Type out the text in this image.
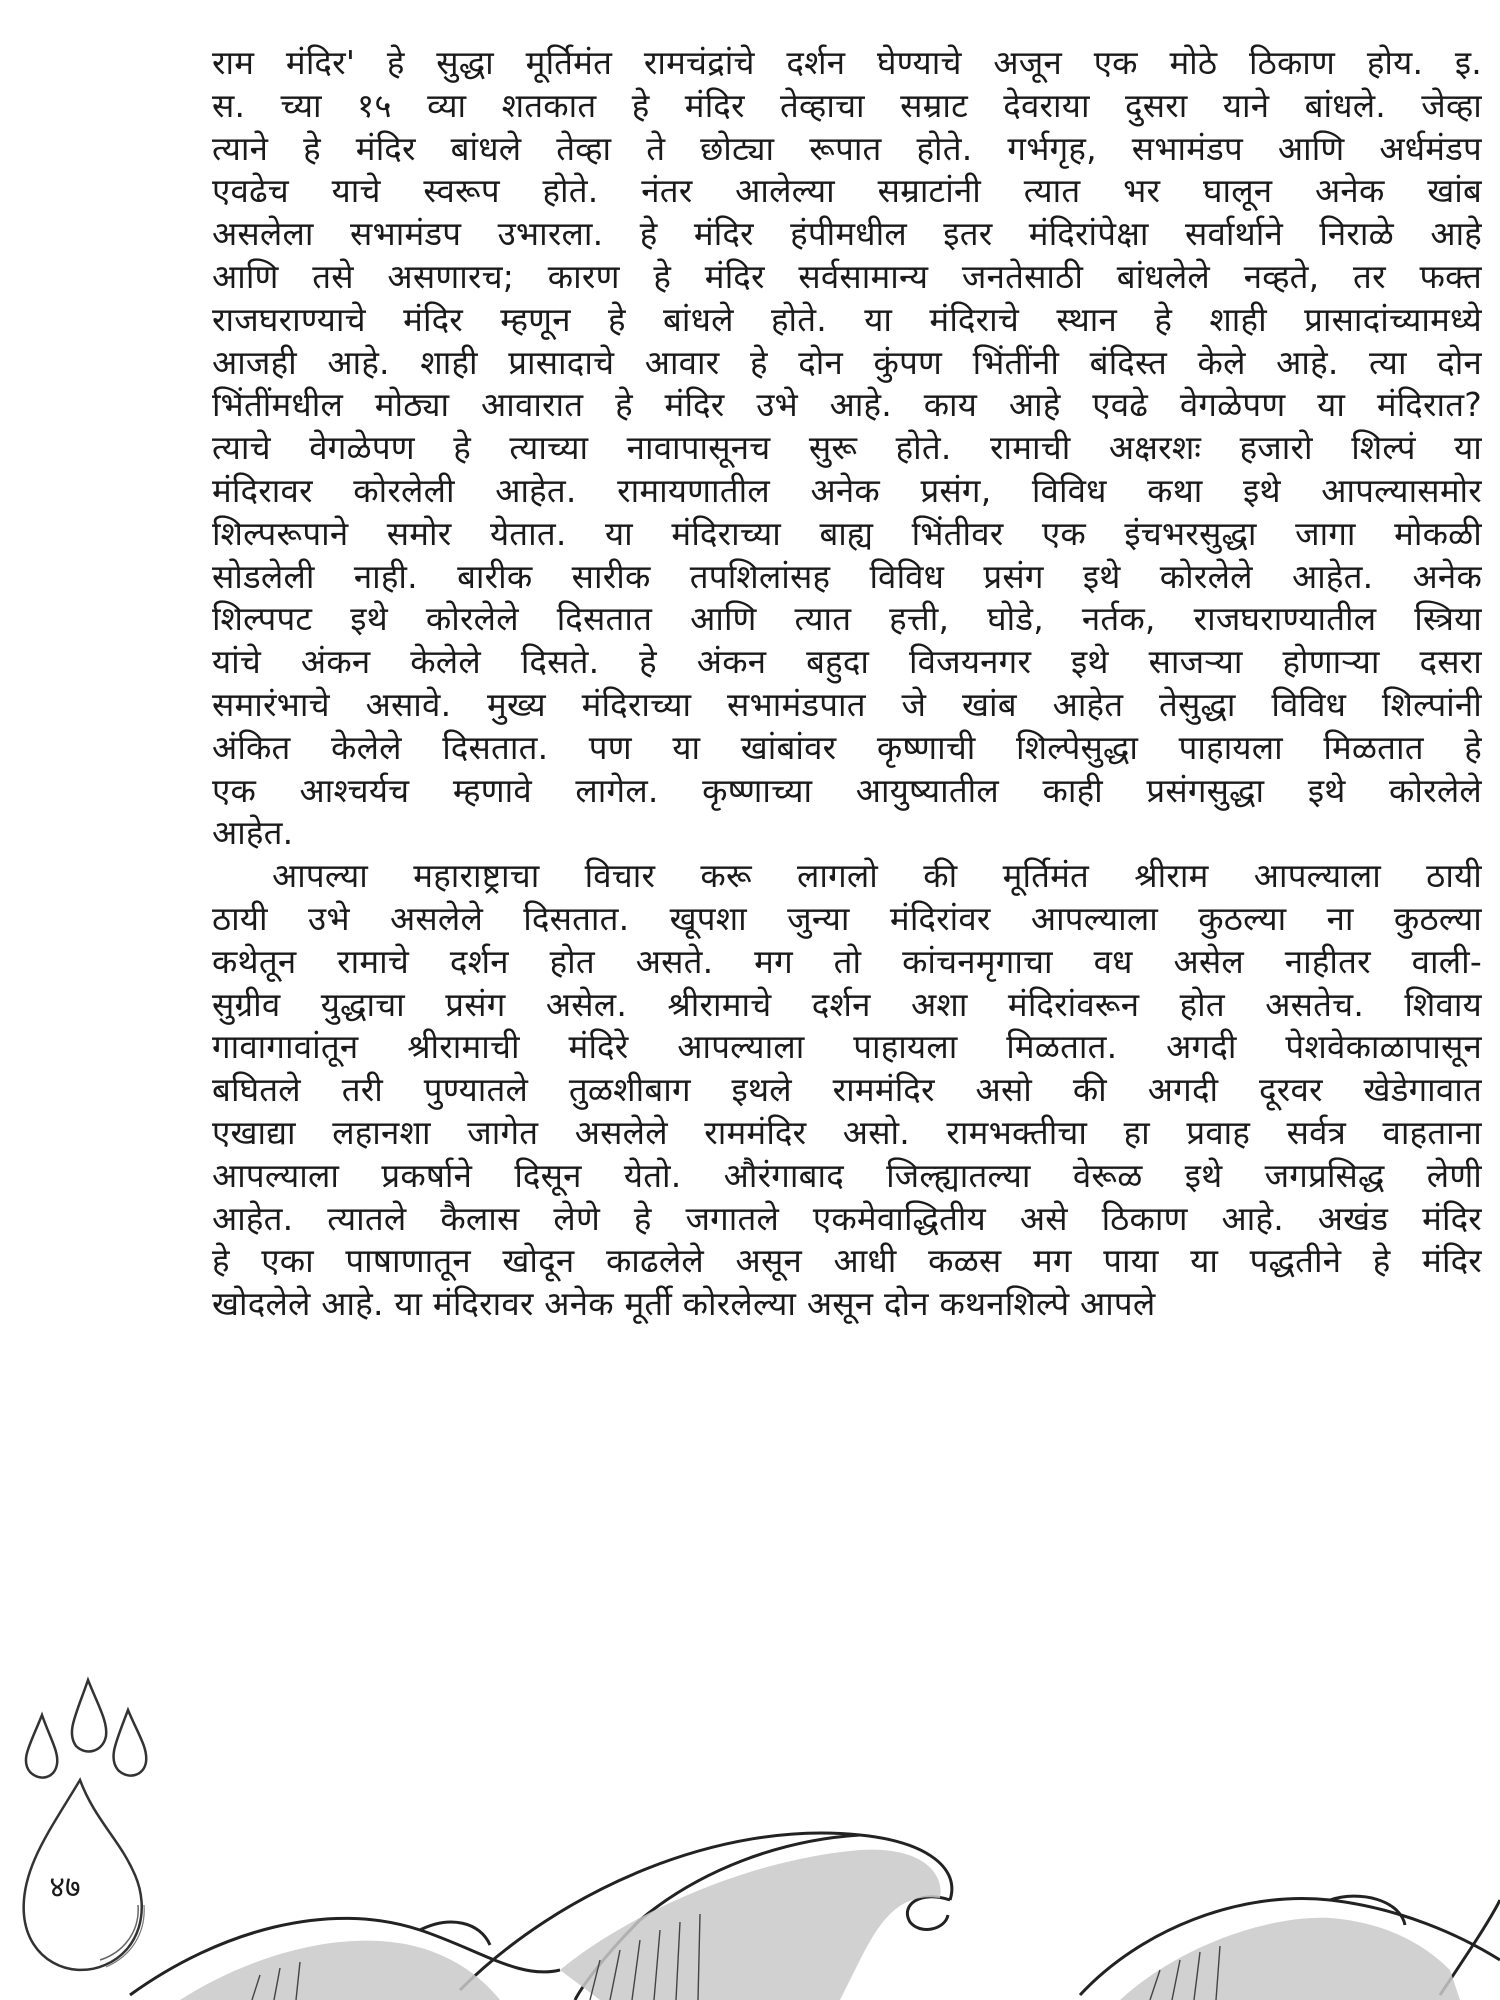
राम मंदिर' हे सुद्धा मूर्तिमंत रामचंद्रांचे दर्शन घेण्याचे अजून एक मोठे ठिकाण होय. इ.
स. च्या १५ व्या शतकात हे मंदिर तेव्हाचा सम्राट देवराया दुसरा याने बांधले. जेव्हा
त्याने हे मंदिर बांधले तेव्हा ते छोट्या रूपात होते. गर्भगृह, सभामंडप आणि अर्धमंडप
एवढेच याचे स्वरूप होते. नंतर आलेल्या सम्राटांनी त्यात भर घालून अनेक खांब
असलेला सभामंडप उभारला. हे मंदिर हंपीमधील इतर मंदिरांपेक्षा सर्वार्थाने निराळे आहे
आणि तसे असणारच; कारण हे मंदिर सर्वसामान्य जनतेसाठी बांधलेले नव्हते, तर फक्त
राजघराण्याचे मंदिर म्हणून हे बांधले होते. या मंदिराचे स्थान हे शाही प्रासादांच्यामध्ये
आजही आहे. शाही प्रासादाचे आवार हे दोन कुंपण भिंतींनी बंदिस्त केले आहे. त्या दोन
भिंतींमधील मोठ्या आवारात हे मंदिर उभे आहे. काय आहे एवढे वेगळेपण या मंदिरात?
त्याचे वेगळेपण हे त्याच्या नावापासूनच सुरू होते. रामाची अक्षरशः हजारो शिल्पं या
मंदिरावर कोरलेली आहेत. रामायणातील अनेक प्रसंग, विविध कथा इथे आपल्यासमोर
शिल्परूपाने समोर येतात. या मंदिराच्या बाह्य भिंतीवर एक इंचभरसुद्धा जागा मोकळी
सोडलेली नाही. बारीक सारीक तपशिलांसह विविध प्रसंग इथे कोरलेले आहेत. अनेक
शिल्पपट इथे कोरलेले दिसतात आणि त्यात हत्ती, घोडे, नर्तक, राजघराण्यातील स्त्रिया
यांचे अंकन केलेले दिसते. हे अंकन बहुदा विजयनगर इथे साजऱ्या होणाऱ्या दसरा
समारंभाचे असावे. मुख्य मंदिराच्या सभामंडपात जे खांब आहेत तेसुद्धा विविध शिल्पांनी
अंकित केलेले दिसतात. पण या खांबांवर कृष्णाची शिल्पेसुद्धा पाहायला मिळतात हे
एक आश्चर्यच म्हणावे लागेल. कृष्णाच्या आयुष्यातील काही प्रसंगसुद्धा इथे कोरलेले
आहेत.
आपल्या महाराष्ट्राचा विचार करू लागलो की मूर्तिमंत श्रीराम आपल्याला ठायी
ठायी उभे असलेले दिसतात. खूपशा जुन्या मंदिरांवर आपल्याला कुठल्या ना कुठल्या
कथेतून रामाचे दर्शन होत असते. मग तो कांचनमृगाचा वध असेल नाहीतर वाली-
सुग्रीव युद्धाचा प्रसंग असेल. श्रीरामाचे दर्शन अशा मंदिरांवरून होत असतेच. शिवाय
गावागावांतून श्रीरामाची मंदिरे आपल्याला पाहायला मिळतात. अगदी पेशवेकाळापासून
बघितले तरी पुण्यातले तुळशीबाग इथले राममंदिर असो की अगदी दूरवर खेडेगावात
एखाद्या लहानशा जागेत असलेले राममंदिर असो. रामभक्तीचा हा प्रवाह सर्वत्र वाहताना
आपल्याला प्रकर्षाने दिसून येतो. औरंगाबाद जिल्ह्यातल्या वेरूळ इथे जगप्रसिद्ध लेणी
आहेत. त्यातले कैलास लेणे हे जगातले एकमेवाद्धितीय असे ठिकाण आहे. अखंड मंदिर
हे एका पाषाणातून खोदून काढलेले असून आधी कळस मग पाया या पद्धतीने हे मंदिर
खोदलेले आहे. या मंदिरावर अनेक मूर्ती कोरलेल्या असून दोन कथनशिल्पे आपले
४७
